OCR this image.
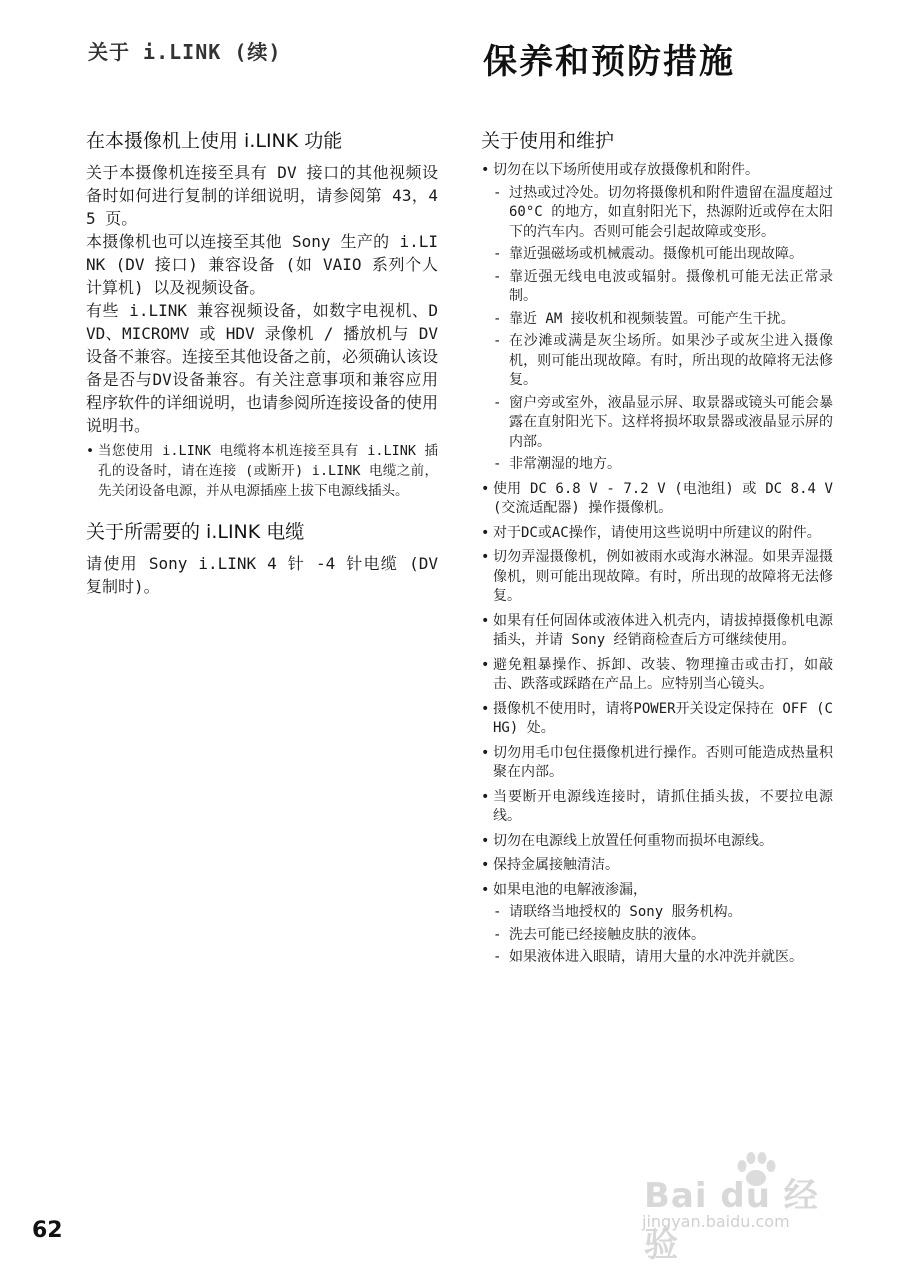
关于 i.LINK (续)	保养和预防措施
在本摄像机上使用 i.LINK 功能

关于本摄像机连接至具有 DV 接口的其他视频设备时如何进行复制的详细说明，请参阅第 43，45 页。

本摄像机也可以连接至其他 Sony 生产的 i.LINK (DV 接口) 兼容设备 (如 VAIO 系列个人计算机) 以及视频设备。

有些 i.LINK 兼容视频设备，如数字电视机、DVD、MICROMV 或 HDV 录像机 / 播放机与 DV 设备不兼容。连接至其他设备之前，必须确认该设备是否与DV设备兼容。有关注意事项和兼容应用程序软件的详细说明，也请参阅所连接设备的使用说明书。

• 当您使用 i.LINK 电缆将本机连接至具有 i.LINK 插孔的设备时，请在连接 (或断开) i.LINK 电缆之前，先关闭设备电源，并从电源插座上拔下电源线插头。

关于所需要的 i.LINK 电缆

请使用 Sony i.LINK 4 针 -4 针电缆 (DV 复制时)。

关于使用和维护
• 切勿在以下场所使用或存放摄像机和附件。
- 过热或过冷处。切勿将摄像机和附件遗留在温度超过 60°C 的地方，如直射阳光下，热源附近或停在太阳下的汽车内。否则可能会引起故障或变形。
- 靠近强磁场或机械震动。摄像机可能出现故障。
- 靠近强无线电电波或辐射。摄像机可能无法正常录制。
- 靠近 AM 接收机和视频装置。可能产生干扰。
- 在沙滩或满是灰尘场所。如果沙子或灰尘进入摄像机，则可能出现故障。有时，所出现的故障将无法修复。
- 窗户旁或室外，液晶显示屏、取景器或镜头可能会暴露在直射阳光下。这样将损坏取景器或液晶显示屏的内部。
- 非常潮湿的地方。
• 使用 DC 6.8 V - 7.2 V (电池组) 或 DC 8.4 V (交流适配器) 操作摄像机。
• 对于DC或AC操作，请使用这些说明中所建议的附件。
• 切勿弄湿摄像机，例如被雨水或海水淋湿。如果弄湿摄像机，则可能出现故障。有时，所出现的故障将无法修复。
• 如果有任何固体或液体进入机壳内，请拔掉摄像机电源插头，并请 Sony 经销商检查后方可继续使用。
• 避免粗暴操作、拆卸、改装、物理撞击或击打，如敲击、跌落或踩踏在产品上。应特别当心镜头。
• 摄像机不使用时，请将POWER开关设定保持在 OFF (CHG) 处。
• 切勿用毛巾包住摄像机进行操作。否则可能造成热量积聚在内部。
• 当要断开电源线连接时，请抓住插头拔，不要拉电源线。
• 切勿在电源线上放置任何重物而损坏电源线。
• 保持金属接触清洁。
• 如果电池的电解液渗漏，
- 请联络当地授权的 Sony 服务机构。
- 洗去可能已经接触皮肤的液体。
- 如果液体进入眼睛，请用大量的水冲洗并就医。
62
Bai du 经验
jingyan.baidu.com
